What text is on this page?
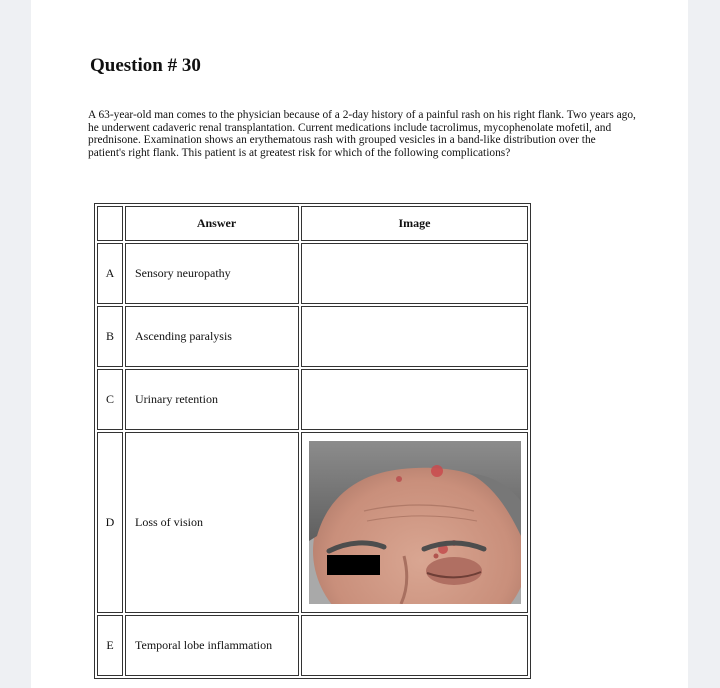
Question # 30

A 63-year-old man comes to the physician because of a 2-day history of a painful rash on his right flank. Two years ago, he underwent cadaveric renal transplantation. Current medications include tacrolimus, mycophenolate mofetil, and prednisone. Examination shows an erythematous rash with grouped vesicles in a band-like distribution over the patient's right flank. This patient is at greatest risk for which of the following complications?

	Answer	Image
A	Sensory neuropathy	
B	Ascending paralysis	
C	Urinary retention	
D	Loss of vision	

E	Temporal lobe inflammation	
